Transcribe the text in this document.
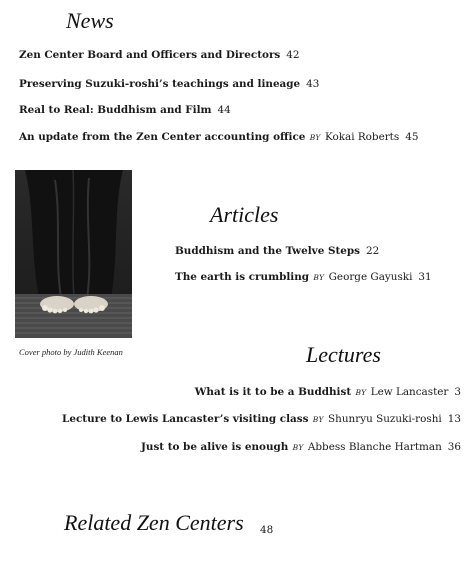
News
Zen Center Board and Officers and Directors 42
Preserving Suzuki-roshi’s teachings and lineage 43
Real to Real: Buddhism and Film 44
An update from the Zen Center accounting office BY Kokai Roberts 45
Cover photo by Judith Keenan
Articles
Buddhism and the Twelve Steps 22
The earth is crumbling BY George Gayuski 31
Lectures
What is it to be a Buddhist BY Lew Lancaster 3
Lecture to Lewis Lancaster’s visiting class BY Shunryu Suzuki-roshi 13
Just to be alive is enough BY Abbess Blanche Hartman 36
Related Zen Centers 48
